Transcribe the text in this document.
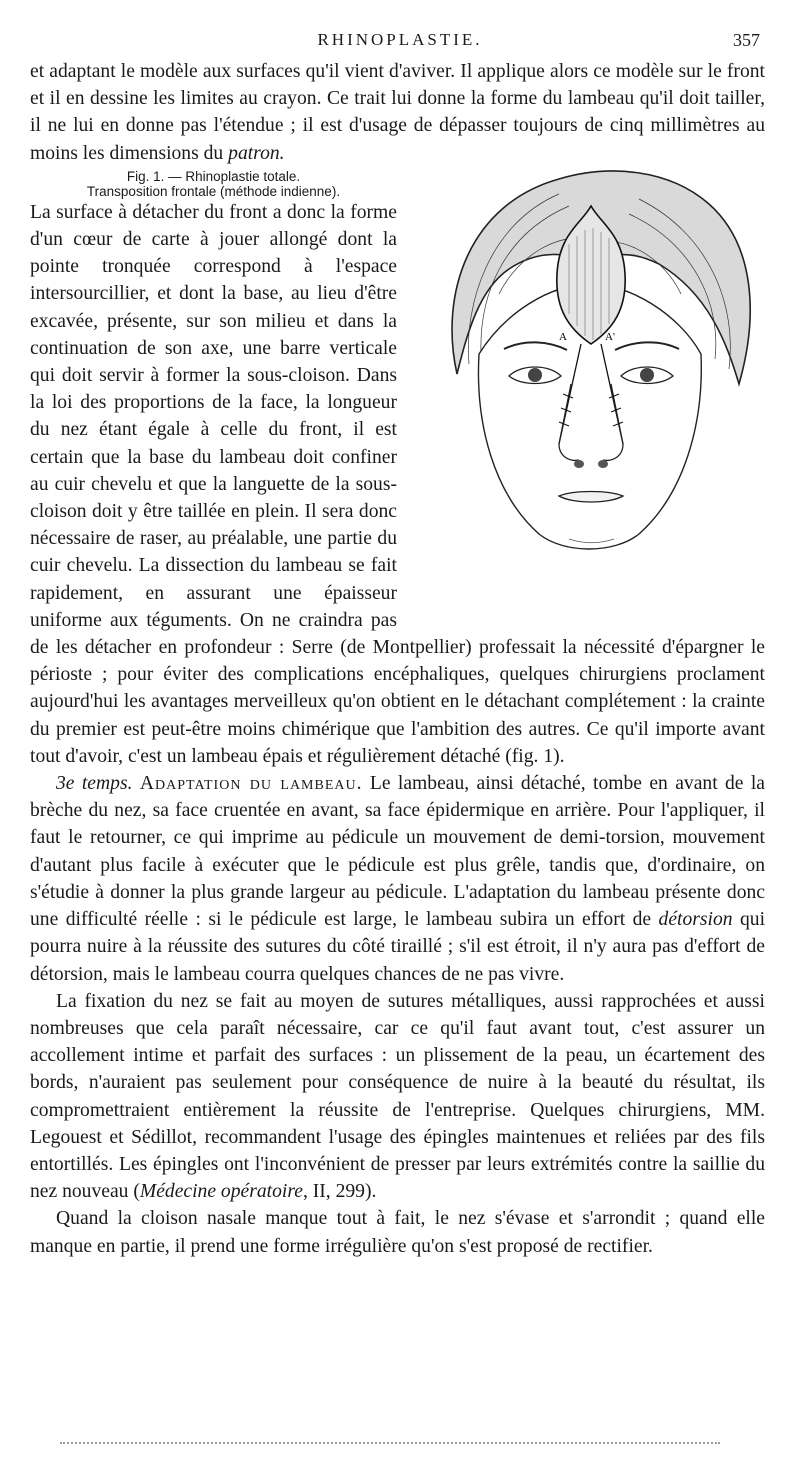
RHINOPLASTIE.	357

et adaptant le modèle aux surfaces qu'il vient d'aviver. Il applique alors ce modèle sur le front et il en dessine les limites au crayon. Ce trait lui donne la forme du lambeau qu'il doit tailler, il ne lui en donne pas l'étendue ; il est d'usage de dépasser toujours de cinq millimètres au moins les dimensions du patron.
A	A'

Fig. 1. — Rhinoplastie totale.
Transposition frontale (méthode indienne).
La surface à détacher du front a donc la forme d'un cœur de carte à jouer allongé dont la pointe tronquée correspond à l'espace intersourcillier, et dont la base, au lieu d'être excavée, présente, sur son milieu et dans la continuation de son axe, une barre verticale qui doit servir à former la sous-cloison. Dans la loi des proportions de la face, la longueur du nez étant égale à celle du front, il est certain que la base du lambeau doit confiner au cuir chevelu et que la languette de la sous-cloison doit y être taillée en plein. Il sera donc nécessaire de raser, au préalable, une partie du cuir chevelu. La dissection du lambeau se fait rapidement, en assurant une épaisseur uniforme aux téguments. On ne craindra pas de les détacher en profondeur : Serre (de Montpellier) professait la nécessité d'épargner le périoste ; pour éviter des complications encéphaliques, quelques chirurgiens proclament aujourd'hui les avantages merveilleux qu'on obtient en le détachant complétement : la crainte du premier est peut-être moins chimérique que l'ambition des autres. Ce qu'il importe avant tout d'avoir, c'est un lambeau épais et régulièrement détaché (fig. 1).

3e temps. Adaptation du lambeau. Le lambeau, ainsi détaché, tombe en avant de la brèche du nez, sa face cruentée en avant, sa face épidermique en arrière. Pour l'appliquer, il faut le retourner, ce qui imprime au pédicule un mouvement de demi-torsion, mouvement d'autant plus facile à exécuter que le pédicule est plus grêle, tandis que, d'ordinaire, on s'étudie à donner la plus grande largeur au pédicule. L'adaptation du lambeau présente donc une difficulté réelle : si le pédicule est large, le lambeau subira un effort de détorsion qui pourra nuire à la réussite des sutures du côté tiraillé ; s'il est étroit, il n'y aura pas d'effort de détorsion, mais le lambeau courra quelques chances de ne pas vivre.

La fixation du nez se fait au moyen de sutures métalliques, aussi rapprochées et aussi nombreuses que cela paraît nécessaire, car ce qu'il faut avant tout, c'est assurer un accollement intime et parfait des surfaces : un plissement de la peau, un écartement des bords, n'auraient pas seulement pour conséquence de nuire à la beauté du résultat, ils compromettraient entièrement la réussite de l'entreprise. Quelques chirurgiens, MM. Legouest et Sédillot, recommandent l'usage des épingles maintenues et reliées par des fils entortillés. Les épingles ont l'inconvénient de presser par leurs extrémités contre la saillie du nez nouveau (Médecine opératoire, II, 299).

Quand la cloison nasale manque tout à fait, le nez s'évase et s'arrondit ; quand elle manque en partie, il prend une forme irrégulière qu'on s'est proposé de rectifier.
